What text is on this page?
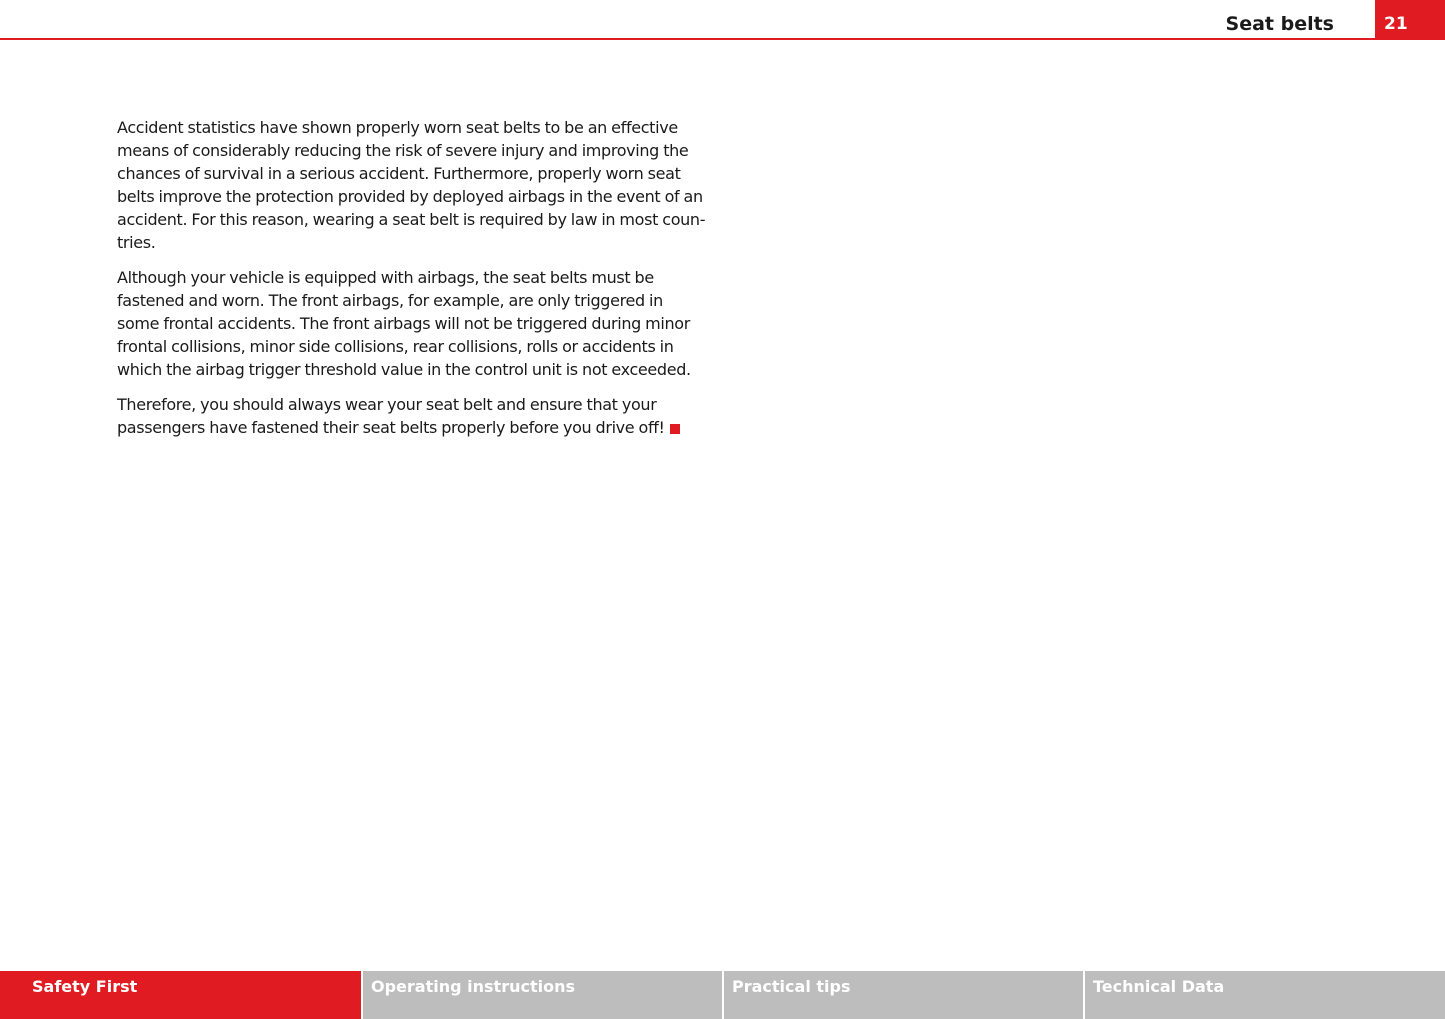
Seat belts	21

Accident statistics have shown properly worn seat belts to be an effective means of considerably reducing the risk of severe injury and improving the chances of survival in a serious accident. Furthermore, properly worn seat belts improve the protection provided by deployed airbags in the event of an accident. For this reason, wearing a seat belt is required by law in most coun-tries.

Although your vehicle is equipped with airbags, the seat belts must be fastened and worn. The front airbags, for example, are only triggered in some frontal accidents. The front airbags will not be triggered during minor frontal collisions, minor side collisions, rear collisions, rolls or accidents in which the airbag trigger threshold value in the control unit is not exceeded.

Therefore, you should always wear your seat belt and ensure that your passengers have fastened their seat belts properly before you drive off!

Safety First	Operating instructions	Practical tips	Technical Data
